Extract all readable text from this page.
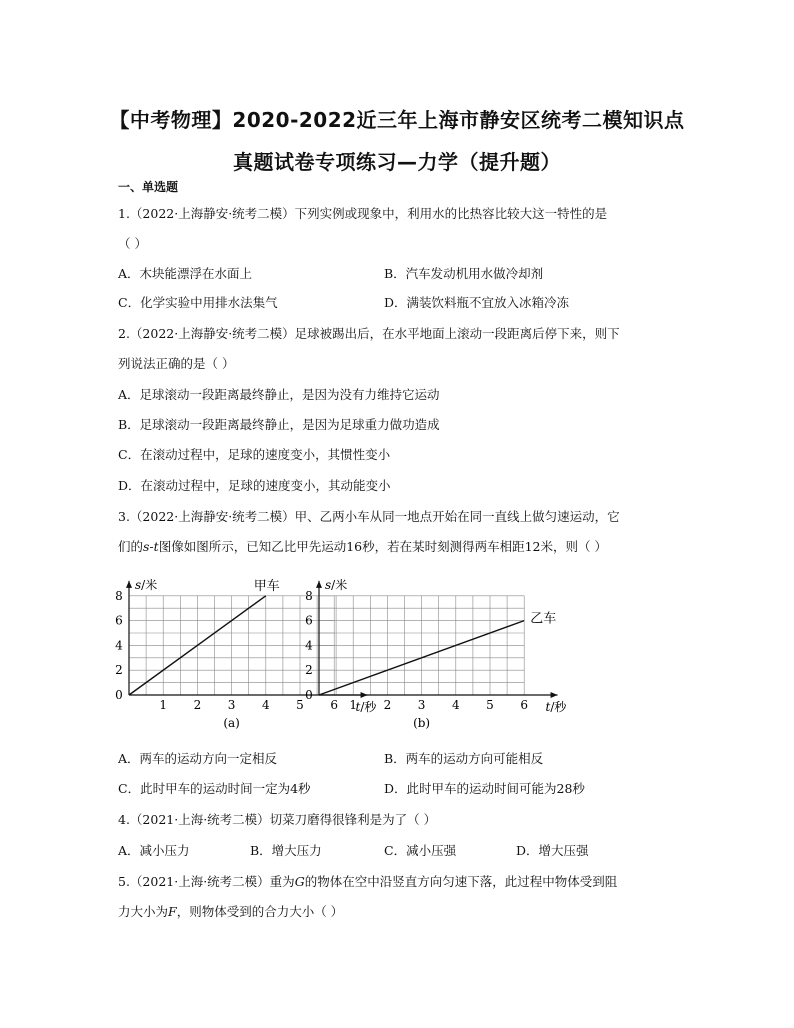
【中考物理】2020-2022近三年上海市静安区统考二模知识点
真题试卷专项练习—力学（提升题）
一、单选题
1.（2022·上海静安·统考二模）下列实例或现象中，利用水的比热容比较大这一特性的是
（ ）
A．木块能漂浮在水面上	B．汽车发动机用水做冷却剂
C．化学实验中用排水法集气	D．满装饮料瓶不宜放入冰箱冷冻
2.（2022·上海静安·统考二模）足球被踢出后，在水平地面上滚动一段距离后停下来，则下
列说法正确的是（ ）
A．足球滚动一段距离最终静止，是因为没有力维持它运动
B．足球滚动一段距离最终静止，是因为足球重力做功造成
C．在滚动过程中，足球的速度变小，其惯性变小
D．在滚动过程中，足球的速度变小，其动能变小
3.（2022·上海静安·统考二模）甲、乙两小车从同一地点开始在同一直线上做匀速运动，它
们的s-t图像如图所示，已知乙比甲先运动16秒，若在某时刻测得两车相距12米，则（ ）
0
2
4
6
8
1 2 3 4 5 6
s/米
t/秒
甲车
(a)
0
2
4
6
8
1 2 3 4 5 6
s/米
t/秒
乙车
(b)
A．两车的运动方向一定相反	B．两车的运动方向可能相反
C．此时甲车的运动时间一定为4秒	D．此时甲车的运动时间可能为28秒
4.（2021·上海·统考二模）切菜刀磨得很锋利是为了（ ）
A．减小压力	B．增大压力	C．减小压强	D．增大压强
5.（2021·上海·统考二模）重为G的物体在空中沿竖直方向匀速下落，此过程中物体受到阻
力大小为F，则物体受到的合力大小（ ）
